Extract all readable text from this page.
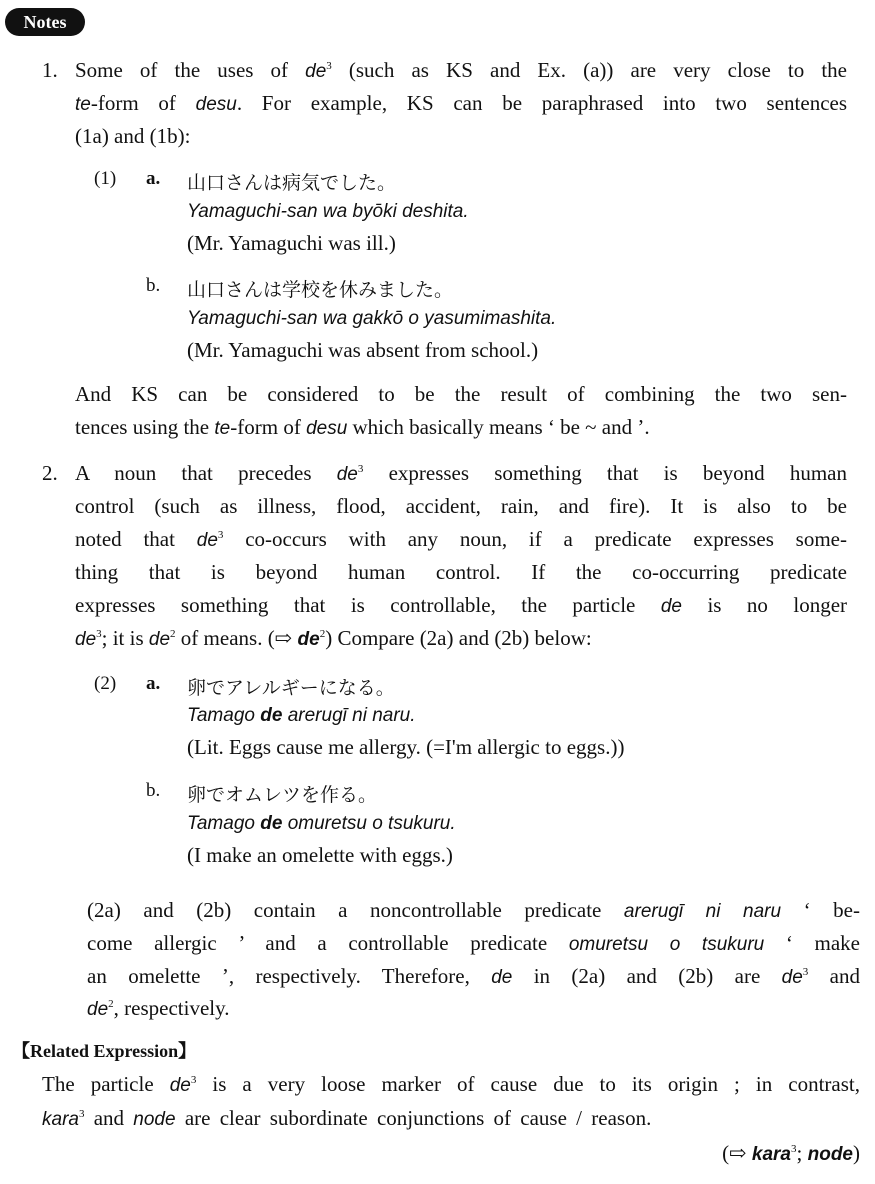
Notes
1. Some of the uses of $de^3$ (such as KS and Ex. (a)) are very close to the
te-form of desu. For example, KS can be paraphrased into two sentences
(1a) and (1b):
(1) a. 山口さんは病気でした。
Yamaguchi-san wa byōki deshita.
(Mr. Yamaguchi was ill.)
b. 山口さんは学校を休みました。
Yamaguchi-san wa gakkō o yasumimashita.
(Mr. Yamaguchi was absent from school.)
And KS can be considered to be the result of combining the two sen-
tences using the te-form of desu which basically means ‘ be ~ and ’.
2. A noun that precedes $de^3$ expresses something that is beyond human
control (such as illness, flood, accident, rain, and fire). It is also to be
noted that $de^3$ co-occurs with any noun, if a predicate expresses some-
thing that is beyond human control. If the co-occurring predicate
expresses something that is controllable, the particle de is no longer
$de^3$; it is $de^2$ of means. (⇨ $de^2$) Compare (2a) and (2b) below:
(2) a. 卵でアレルギーになる。
Tamago de arerugī ni naru.
(Lit. Eggs cause me allergy. (=I'm allergic to eggs.))
b. 卵でオムレツを作る。
Tamago de omuretsu o tsukuru.
(I make an omelette with eggs.)
(2a) and (2b) contain a noncontrollable predicate arerugī ni naru ‘ be-
come allergic ’ and a controllable predicate omuretsu o tsukuru ‘ make
an omelette ’, respectively. Therefore, de in (2a) and (2b) are $de^3$ and
$de^2$, respectively.
【Related Expression】
The particle $de^3$ is a very loose marker of cause due to its origin ; in contrast,
kara$^3$ and node are clear subordinate conjunctions of cause / reason.
(⇨ kara$^3$; node)
